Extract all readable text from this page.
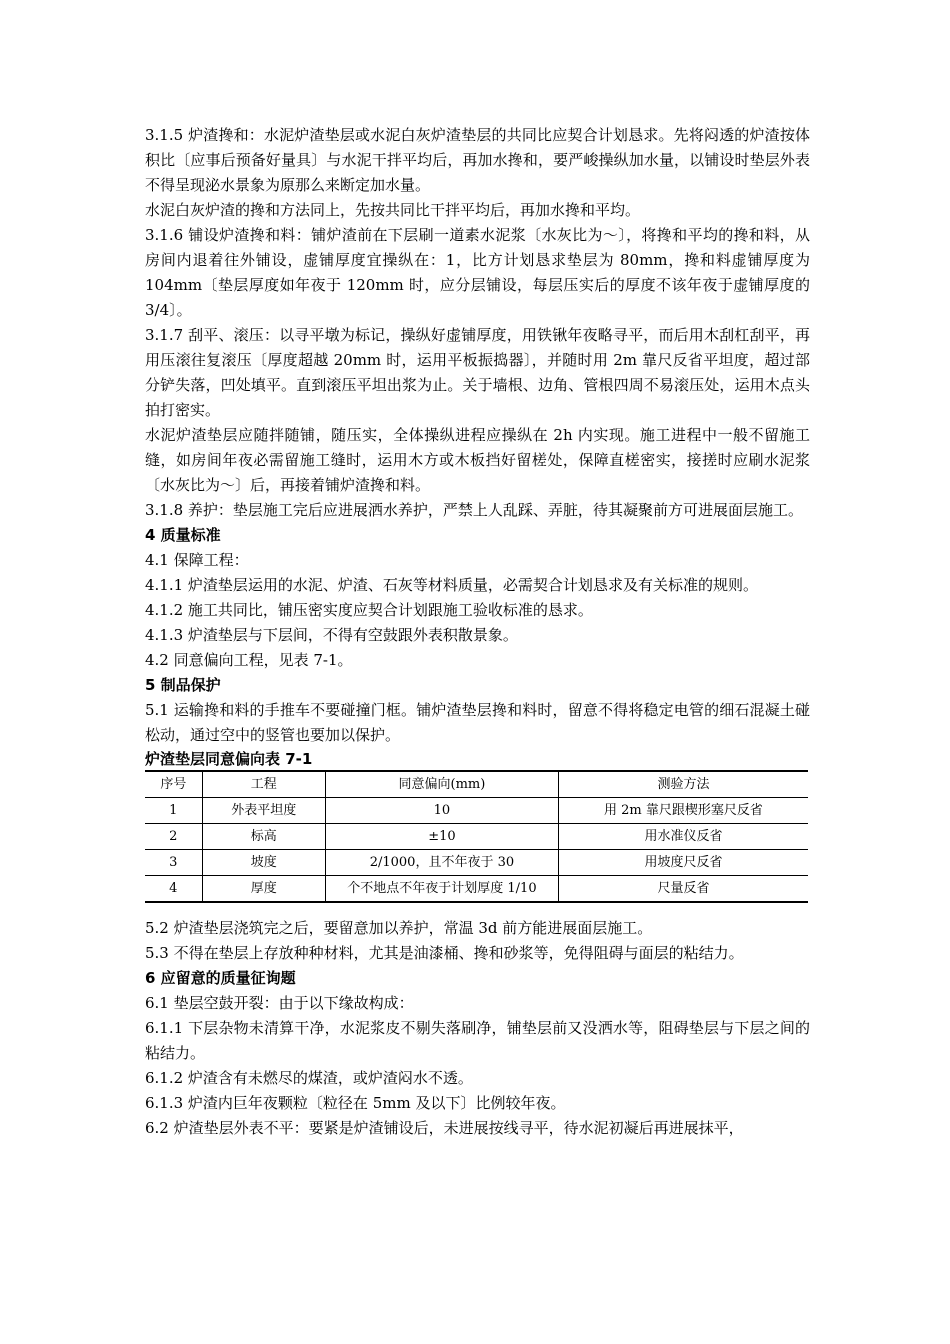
3.1.5 炉渣搀和：水泥炉渣垫层或水泥白灰炉渣垫层的共同比应契合计划恳求。先将闷透的炉渣按体积比〔应事后预备好量具〕与水泥干拌平均后，再加水搀和，要严峻操纵加水量，以铺设时垫层外表不得呈现泌水景象为原那么来断定加水量。

水泥白灰炉渣的搀和方法同上，先按共同比干拌平均后，再加水搀和平均。

3.1.6 铺设炉渣搀和料：铺炉渣前在下层刷一道素水泥浆〔水灰比为～〕，将搀和平均的搀和料，从房间内退着往外铺设，虚铺厚度宜操纵在：1，比方计划恳求垫层为 80mm，搀和料虚铺厚度为 104mm〔垫层厚度如年夜于 120mm 时，应分层铺设，每层压实后的厚度不该年夜于虚铺厚度的 3/4〕。

3.1.7 刮平、滚压：以寻平墩为标记，操纵好虚铺厚度，用铁锹年夜略寻平，而后用木刮杠刮平，再用压滚往复滚压〔厚度超越 20mm 时，运用平板振捣器〕，并随时用 2m 靠尺反省平坦度，超过部分铲失落，凹处填平。直到滚压平坦出浆为止。关于墙根、边角、管根四周不易滚压处，运用木点头拍打密实。

水泥炉渣垫层应随拌随铺，随压实，全体操纵进程应操纵在 2h 内实现。施工进程中一般不留施工缝，如房间年夜必需留施工缝时，运用木方或木板挡好留槎处，保障直槎密实，接搓时应刷水泥浆〔水灰比为～〕后，再接着铺炉渣搀和料。

3.1.8 养护：垫层施工完后应进展洒水养护，严禁上人乱踩、弄脏，待其凝聚前方可进展面层施工。

4 质量标准

4.1 保障工程：

4.1.1 炉渣垫层运用的水泥、炉渣、石灰等材料质量，必需契合计划恳求及有关标准的规则。

4.1.2 施工共同比，铺压密实度应契合计划跟施工验收标准的恳求。

4.1.3 炉渣垫层与下层间，不得有空鼓跟外表积散景象。

4.2 同意偏向工程，见表 7-1。

5 制品保护

5.1 运输搀和料的手推车不要碰撞门框。铺炉渣垫层搀和料时，留意不得将稳定电管的细石混凝土碰松动，通过空中的竖管也要加以保护。

炉渣垫层同意偏向表 7-1

序号	工程	同意偏向(mm)	测验方法
1	外表平坦度	10	用 2m 靠尺跟楔形塞尺反省
2	标高	±10	用水准仪反省
3	坡度	2/1000，且不年夜于 30	用坡度尺反省
4	厚度	个不地点不年夜于计划厚度 1/10	尺量反省

5.2 炉渣垫层浇筑完之后，要留意加以养护，常温 3d 前方能进展面层施工。

5.3 不得在垫层上存放种种材料，尤其是油漆桶、搀和砂浆等，免得阻碍与面层的粘结力。

6 应留意的质量征询题

6.1 垫层空鼓开裂：由于以下缘故构成：

6.1.1 下层杂物未清算干净，水泥浆皮不剔失落刷净，铺垫层前又没洒水等，阻碍垫层与下层之间的粘结力。

6.1.2 炉渣含有未燃尽的煤渣，或炉渣闷水不透。

6.1.3 炉渣内巨年夜颗粒〔粒径在 5mm 及以下〕比例较年夜。

6.2 炉渣垫层外表不平：要紧是炉渣铺设后，未进展按线寻平，待水泥初凝后再进展抹平，
